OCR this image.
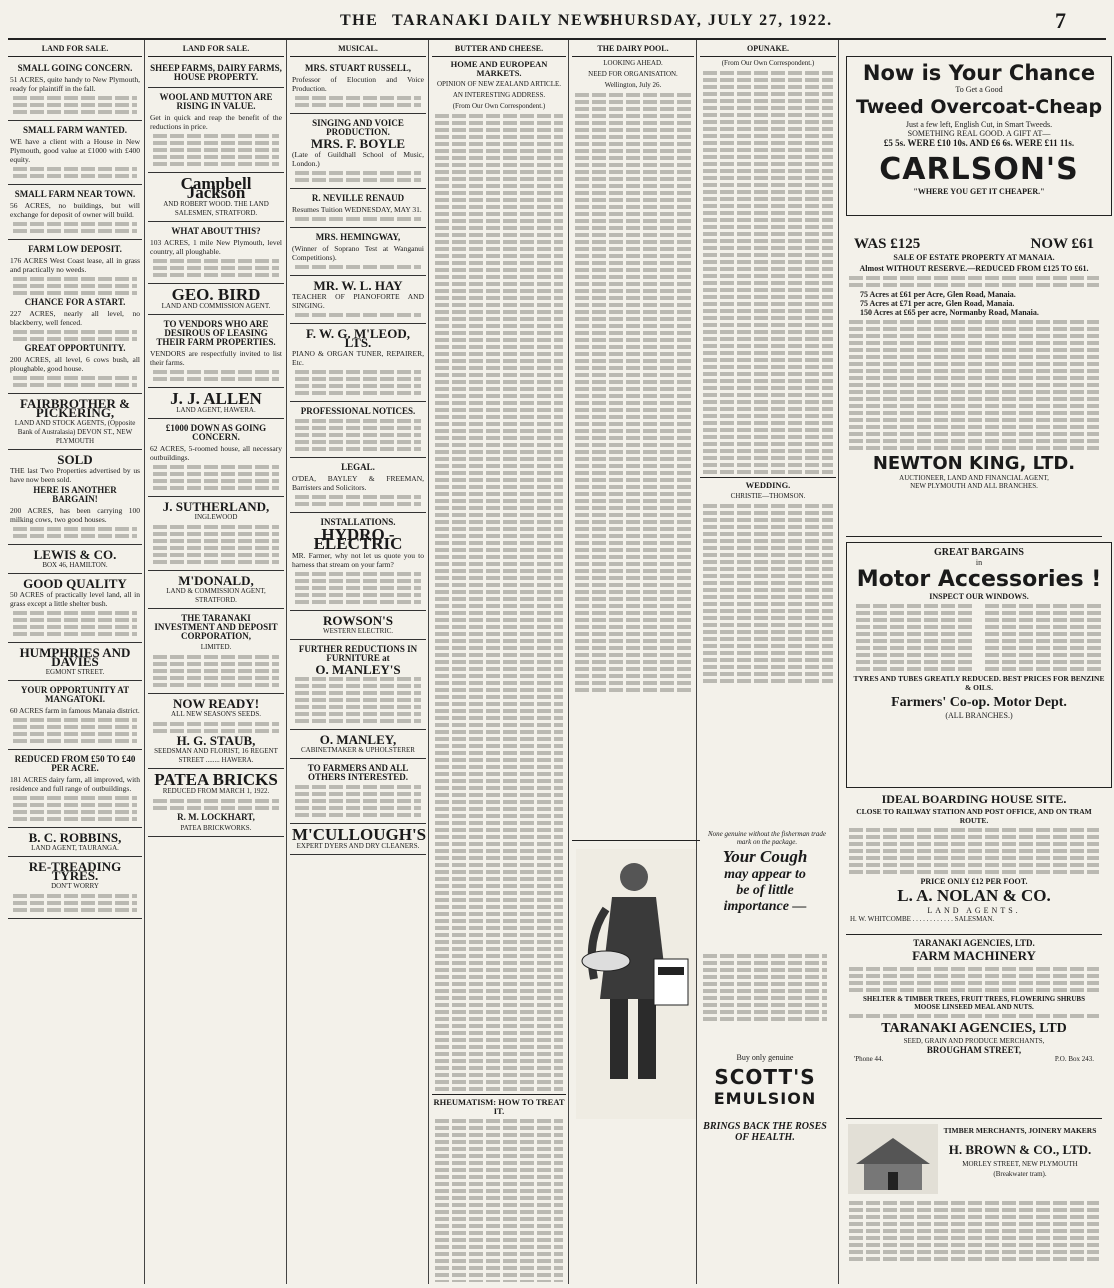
THE TARANAKI DAILY NEWS.
THURSDAY, JULY 27, 1922.	7
LAND FOR SALE.
SMALL GOING CONCERN.

51 ACRES, quite handy to New Plymouth, ready for plaintiff in the fall.

SMALL FARM WANTED.

WE have a client with a House in New Plymouth, good value at £1000 with £400 equity.

SMALL FARM NEAR TOWN.

56 ACRES, no buildings, but will exchange for deposit of owner will build.

FARM LOW DEPOSIT.

176 ACRES West Coast lease, all in grass and practically no weeds.

CHANCE FOR A START.

227 ACRES, nearly all level, no blackberry, well fenced.

GREAT OPPORTUNITY.

200 ACRES, all level, 6 cows bush, all ploughable, good house.

FAIRBROTHER & PICKERING,
LAND AND STOCK AGENTS, (Opposite Bank of Australasia) DEVON ST., NEW PLYMOUTH
SOLD

THE last Two Properties advertised by us have now been sold.

HERE IS ANOTHER BARGAIN!

200 ACRES, has been carrying 100 milking cows, two good houses.

LEWIS & CO.
BOX 46, HAMILTON.
GOOD QUALITY

50 ACRES of practically level land, all in grass except a little shelter bush.

HUMPHRIES AND DAVIES
EGMONT STREET.
YOUR OPPORTUNITY AT MANGATOKI.

60 ACRES farm in famous Manaia district.

REDUCED FROM £50 TO £40 PER ACRE.

181 ACRES dairy farm, all improved, with residence and full range of outbuildings.

B. C. ROBBINS,
LAND AGENT, TAURANGA.
RE-TREADING TYRES.
DON'T WORRY
LAND FOR SALE.
SHEEP FARMS, DAIRY FARMS, HOUSE PROPERTY.
WOOL AND MUTTON ARE RISING IN VALUE.

Get in quick and reap the benefit of the reductions in price.

Campbell Jackson
AND ROBERT WOOD. THE LAND SALESMEN, STRATFORD.
WHAT ABOUT THIS?

103 ACRES, 1 mile New Plymouth, level country, all ploughable.

GEO. BIRD
LAND AND COMMISSION AGENT.
TO VENDORS WHO ARE DESIROUS OF LEASING THEIR FARM PROPERTIES.

VENDORS are respectfully invited to list their farms.

J. J. ALLEN
LAND AGENT, HAWERA.
£1000 DOWN AS GOING CONCERN.

62 ACRES, 5-roomed house, all necessary outbuildings.

J. SUTHERLAND,
INGLEWOOD
M'DONALD,
LAND & COMMISSION AGENT, STRATFORD.
THE TARANAKI INVESTMENT AND DEPOSIT CORPORATION,
LIMITED.
NOW READY!
ALL NEW SEASON'S SEEDS.
H. G. STAUB,
SEEDSMAN AND FLORIST, 16 REGENT STREET ........ HAWERA.
PATEA BRICKS
REDUCED FROM MARCH 1, 1922.
R. M. LOCKHART,
PATEA BRICKWORKS.
MUSICAL.
MRS. STUART RUSSELL,

Professor of Elocution and Voice Production.

SINGING AND VOICE PRODUCTION.
MRS. F. BOYLE

(Late of Guildhall School of Music, London.)

R. NEVILLE RENAUD

Resumes Tuition WEDNESDAY, MAY 31.

MRS. HEMINGWAY,

(Winner of Soprano Test at Wanganui Competitions).

MR. W. L. HAY

TEACHER OF PIANOFORTE AND SINGING.

F. W. G. M'LEOD, LTS.

PIANO & ORGAN TUNER, REPAIRER, Etc.

PROFESSIONAL NOTICES.
LEGAL.

O'DEA, BAYLEY & FREEMAN, Barristers and Solicitors.

INSTALLATIONS.
HYDRO - ELECTRIC

MR. Farmer, why not let us quote you to harness that stream on your farm?

ROWSON'S
WESTERN ELECTRIC.
FURTHER REDUCTIONS IN FURNITURE at
O. MANLEY'S
O. MANLEY,
CABINETMAKER & UPHOLSTERER
TO FARMERS AND ALL OTHERS INTERESTED.
M'CULLOUGH'S
EXPERT DYERS AND DRY CLEANERS.
BUTTER AND CHEESE.
HOME AND EUROPEAN MARKETS.
OPINION OF NEW ZEALAND ARTICLE.
AN INTERESTING ADDRESS.
(From Our Own Correspondent.)
RHEUMATISM: HOW TO TREAT IT.
THE DAIRY POOL.
LOOKING AHEAD.
NEED FOR ORGANISATION.
Wellington, July 26.
Your Cough
may appear to
be of little
importance —
Buy only genuine
SCOTT'S
EMULSION
BRINGS BACK THE ROSES OF HEALTH.
OPUNAKE.
(From Our Own Correspondent.)
WEDDING.
CHRISTIE—THOMSON.
None genuine without the fisherman trade mark on the package.
Now is Your Chance
To Get a Good
Tweed Overcoat-Cheap
Just a few left, English Cut, in Smart Tweeds.
SOMETHING REAL GOOD. A GIFT AT—
£5 5s. WERE £10 10s. AND £6 6s. WERE £11 11s.
CARLSON'S
"WHERE YOU GET IT CHEAPER."
WAS £125	NOW £61
SALE OF ESTATE PROPERTY AT MANAIA.
Almost WITHOUT RESERVE.—REDUCED FROM £125 TO £61.
75 Acres at £61 per Acre, Glen Road, Manaia.
75 Acres at £71 per acre, Glen Road, Manaia.
150 Acres at £65 per acre, Normanby Road, Manaia.
NEWTON KING, LTD.
AUCTIONEER, LAND AND FINANCIAL AGENT,
NEW PLYMOUTH AND ALL BRANCHES.
GREAT BARGAINS
in
Motor Accessories !
INSPECT OUR WINDOWS.
TYRES AND TUBES GREATLY REDUCED. BEST PRICES FOR BENZINE & OILS.
Farmers' Co-op. Motor Dept.
(ALL BRANCHES.)
IDEAL BOARDING HOUSE SITE.
CLOSE TO RAILWAY STATION AND POST OFFICE, AND ON TRAM ROUTE.
PRICE ONLY £12 PER FOOT.
L. A. NOLAN & CO.
LAND AGENTS.
H. W. WHITCOMBE . . . . . . . . . . . . SALESMAN.
TARANAKI AGENCIES, LTD.
FARM MACHINERY
SHELTER & TIMBER TREES, FRUIT TREES, FLOWERING SHRUBS
MOOSE LINSEED MEAL AND NUTS.
TARANAKI AGENCIES, LTD
SEED, GRAIN AND PRODUCE MERCHANTS,
BROUGHAM STREET,
'Phone 44.	P.O. Box 243.
TIMBER MERCHANTS, JOINERY MAKERS
H. BROWN & CO., LTD.
MORLEY STREET, NEW PLYMOUTH
(Breakwater tram).
